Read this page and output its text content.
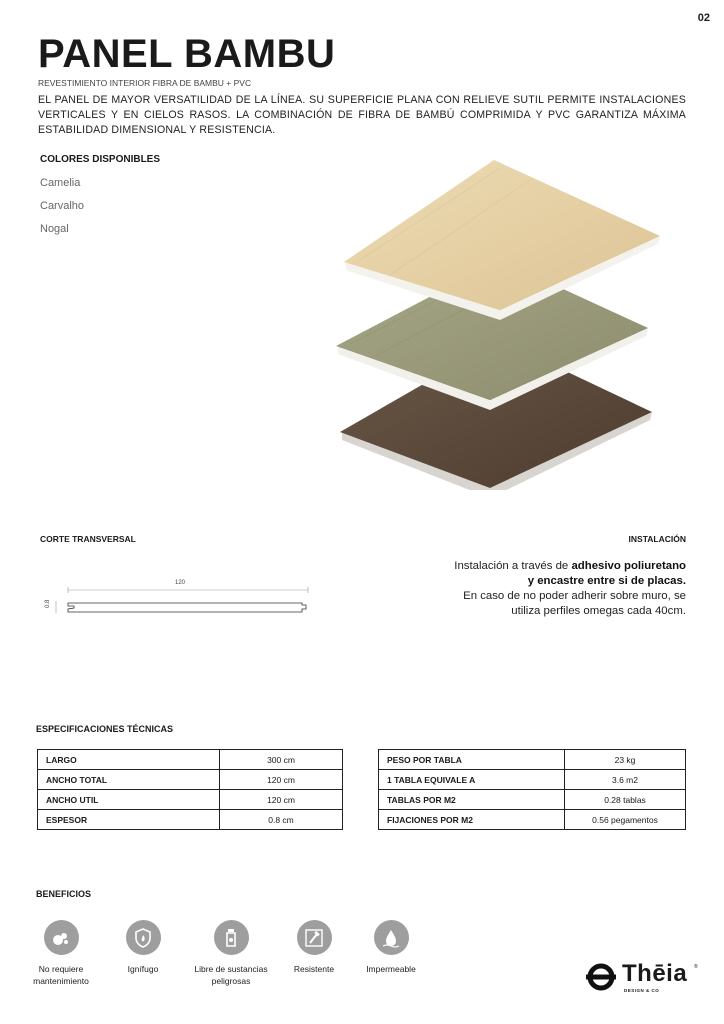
02
PANEL BAMBU
REVESTIMIENTO INTERIOR FIBRA DE BAMBU + PVC
EL PANEL DE MAYOR VERSATILIDAD DE LA LÍNEA. SU SUPERFICIE PLANA CON RELIEVE SUTIL PERMITE INSTALACIONES VERTICALES Y EN CIELOS RASOS. LA COMBINACIÓN DE FIBRA DE BAMBÚ COMPRIMIDA Y PVC GARANTIZA MÁXIMA ESTABILIDAD DIMENSIONAL Y RESISTENCIA.
COLORES DISPONIBLES
Camelia
Carvalho
Nogal
CORTE TRANSVERSAL	INSTALACIÓN
120
0.8
Instalación a través de adhesivo poliuretano
y encastre entre si de placas.
En caso de no poder adherir sobre muro, se
utiliza perfiles omegas cada 40cm.
ESPECIFICACIONES TÉCNICAS
LARGO	300 cm
ANCHO TOTAL	120 cm
ANCHO UTIL	120 cm
ESPESOR	0.8 cm
PESO POR TABLA	23 kg
1 TABLA EQUIVALE A	3.6 m2
TABLAS POR M2	0.28 tablas
FIJACIONES POR M2	0.56 pegamentos
BENEFICIOS
No requiere
mantenimiento
Ignífugo	Libre de sustancias
peligrosas
Resistente	Impermeable	Thēia
DESIGN & CO
®
